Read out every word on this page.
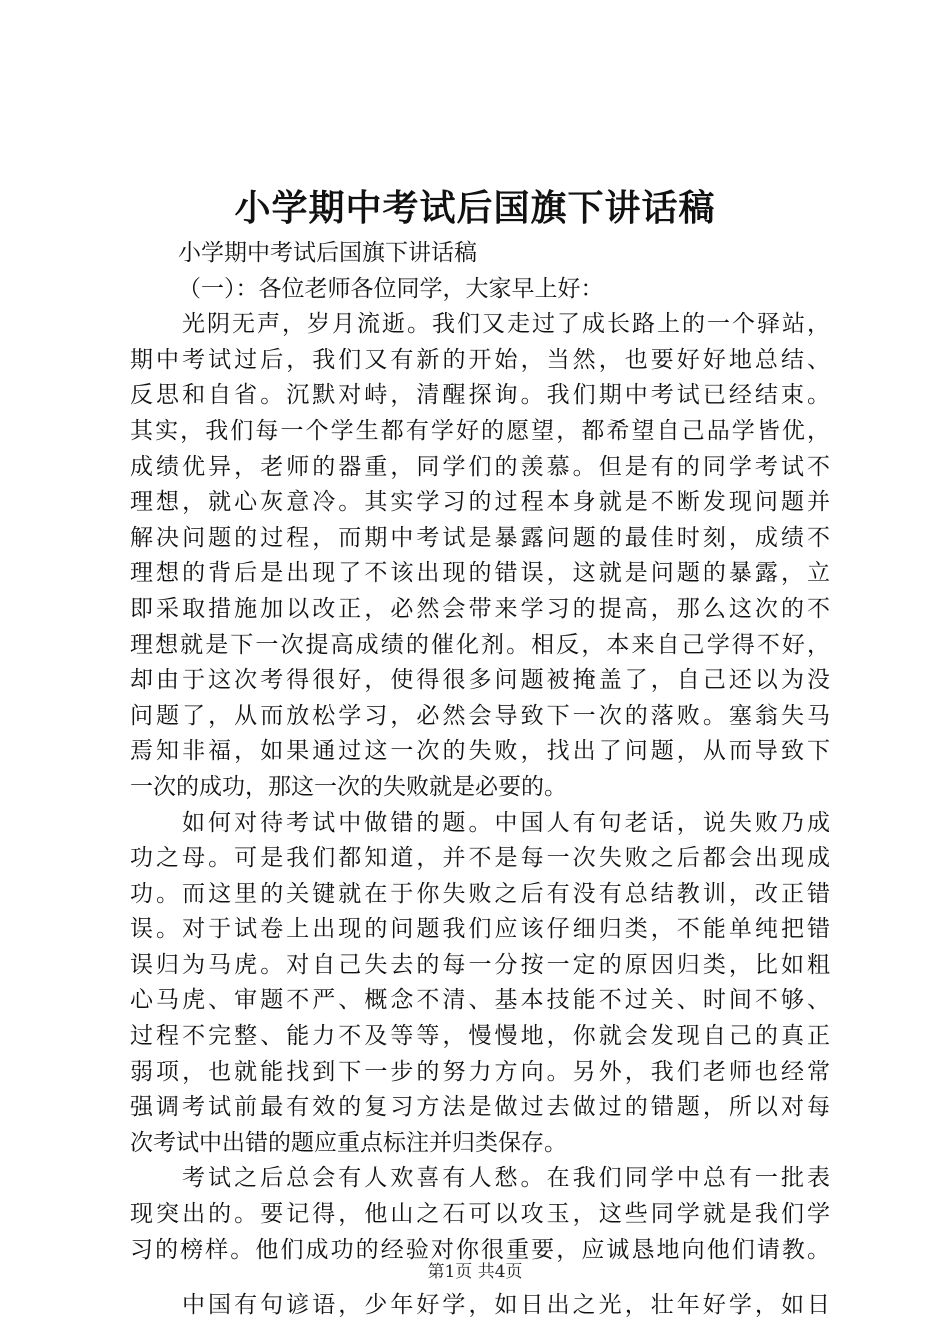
小学期中考试后国旗下讲话稿
小学期中考试后国旗下讲话稿
（一）：各位老师各位同学，大家早上好：
光阴无声，岁月流逝。我们又走过了成长路上的一个驿站，
期中考试过后，我们又有新的开始，当然，也要好好地总结、
反思和自省。沉默对峙，清醒探询。我们期中考试已经结束。
其实，我们每一个学生都有学好的愿望，都希望自己品学皆优，
成绩优异，老师的器重，同学们的羡慕。但是有的同学考试不
理想，就心灰意冷。其实学习的过程本身就是不断发现问题并
解决问题的过程，而期中考试是暴露问题的最佳时刻，成绩不
理想的背后是出现了不该出现的错误，这就是问题的暴露，立
即采取措施加以改正，必然会带来学习的提高，那么这次的不
理想就是下一次提高成绩的催化剂。相反，本来自己学得不好，
却由于这次考得很好，使得很多问题被掩盖了，自己还以为没
问题了，从而放松学习，必然会导致下一次的落败。塞翁失马
焉知非福，如果通过这一次的失败，找出了问题，从而导致下
一次的成功，那这一次的失败就是必要的。
如何对待考试中做错的题。中国人有句老话，说失败乃成
功之母。可是我们都知道，并不是每一次失败之后都会出现成
功。而这里的关键就在于你失败之后有没有总结教训，改正错
误。对于试卷上出现的问题我们应该仔细归类，不能单纯把错
误归为马虎。对自己失去的每一分按一定的原因归类，比如粗
心马虎、审题不严、概念不清、基本技能不过关、时间不够、
过程不完整、能力不及等等，慢慢地，你就会发现自己的真正
弱项，也就能找到下一步的努力方向。另外，我们老师也经常
强调考试前最有效的复习方法是做过去做过的错题，所以对每
次考试中出错的题应重点标注并归类保存。
考试之后总会有人欢喜有人愁。在我们同学中总有一批表
现突出的。要记得，他山之石可以攻玉，这些同学就是我们学
习的榜样。他们成功的经验对你很重要，应诚恳地向他们请教。
中国有句谚语，少年好学，如日出之光，壮年好学，如日
第1页 共4页
